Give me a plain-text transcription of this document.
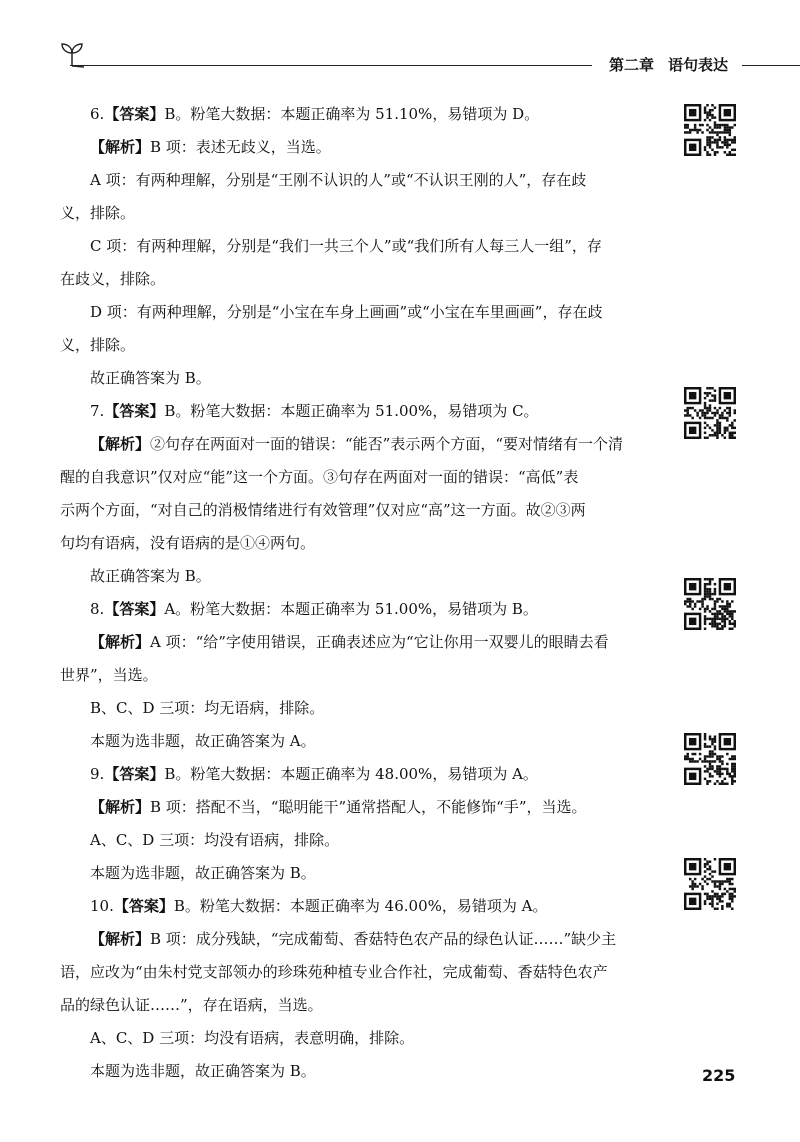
第二章 语句表达
6.【答案】B。粉笔大数据：本题正确率为 51.10%，易错项为 D。
【解析】B 项：表述无歧义，当选。
A 项：有两种理解，分别是“王刚不认识的人”或“不认识王刚的人”，存在歧
义，排除。
C 项：有两种理解，分别是“我们一共三个人”或“我们所有人每三人一组”，存
在歧义，排除。
D 项：有两种理解，分别是“小宝在车身上画画”或“小宝在车里画画”，存在歧
义，排除。
故正确答案为 B。
7.【答案】B。粉笔大数据：本题正确率为 51.00%，易错项为 C。
【解析】②句存在两面对一面的错误：“能否”表示两个方面，“要对情绪有一个清
醒的自我意识”仅对应“能”这一个方面。③句存在两面对一面的错误：“高低”表
示两个方面，“对自己的消极情绪进行有效管理”仅对应“高”这一方面。故②③两
句均有语病，没有语病的是①④两句。
故正确答案为 B。
8.【答案】A。粉笔大数据：本题正确率为 51.00%，易错项为 B。
【解析】A 项：“给”字使用错误，正确表述应为“它让你用一双婴儿的眼睛去看
世界”，当选。
B、C、D 三项：均无语病，排除。
本题为选非题，故正确答案为 A。
9.【答案】B。粉笔大数据：本题正确率为 48.00%，易错项为 A。
【解析】B 项：搭配不当，“聪明能干”通常搭配人，不能修饰“手”，当选。
A、C、D 三项：均没有语病，排除。
本题为选非题，故正确答案为 B。
10.【答案】B。粉笔大数据：本题正确率为 46.00%，易错项为 A。
【解析】B 项：成分残缺，“完成葡萄、香菇特色农产品的绿色认证……”缺少主
语，应改为“由朱村党支部领办的珍珠苑种植专业合作社，完成葡萄、香菇特色农产
品的绿色认证……”，存在语病，当选。
A、C、D 三项：均没有语病，表意明确，排除。
本题为选非题，故正确答案为 B。	225
